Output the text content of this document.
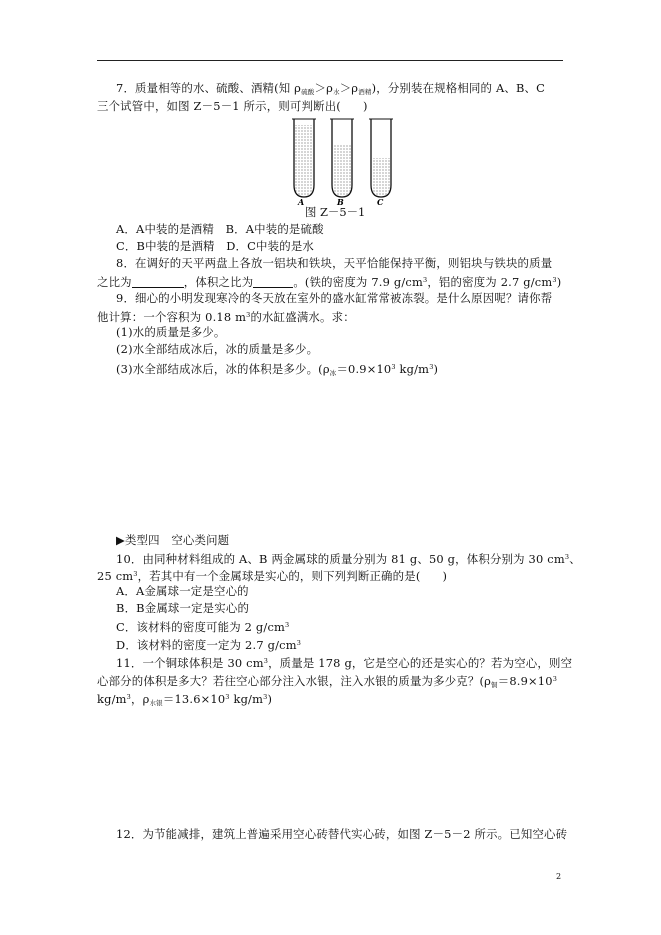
7．质量相等的水、硫酸、酒精(知 $\rho_{硫酸}>\rho_水>\rho_{酒精}$)，分别装在规格相同的 A、B、C
三个试管中，如图 Z－5－1 所示，则可判断出( )
A	B	C
图 Z－5－1
A．A中装的是酒精　B．A中装的是硫酸
C．B中装的是酒精　D．C中装的是水
8．在调好的天平两盘上各放一铝块和铁块，天平恰能保持平衡，则铝块与铁块的质量
之比为	，体积之比为	。(铁的密度为 7.9 $g/cm^3$，铝的密度为 2.7 $g/cm^3$)
9．细心的小明发现寒冷的冬天放在室外的盛水缸常常被冻裂。是什么原因呢？请你帮
他计算：一个容积为 0.18 $m^3$的水缸盛满水。求：
(1)水的质量是多少。
(2)水全部结成冰后，冰的质量是多少。
(3)水全部结成冰后，冰的体积是多少。($\rho_冰=0.9\times 10^3$ $kg/m^3$)
▶类型四　空心类问题
10．由同种材料组成的 A、B 两金属球的质量分别为 81 g、50 g，体积分别为 30 $cm^3$、
25 $cm^3$，若其中有一个金属球是实心的，则下列判断正确的是( )
A．A金属球一定是空心的
B．B金属球一定是实心的
C．该材料的密度可能为 2 $g/cm^3$
D．该材料的密度一定为 2.7 $g/cm^3$
11．一个铜球体积是 30 $cm^3$，质量是 178 g，它是空心的还是实心的？若为空心，则空
心部分的体积是多大？若往空心部分注入水银，注入水银的质量为多少克？($\rho_铜=8.9\times 10^3$
$kg/m^3$，$\rho_{水银}=13.6\times 10^3$ $kg/m^3$)
12．为节能减排，建筑上普遍采用空心砖替代实心砖，如图 Z－5－2 所示。已知空心砖
2
